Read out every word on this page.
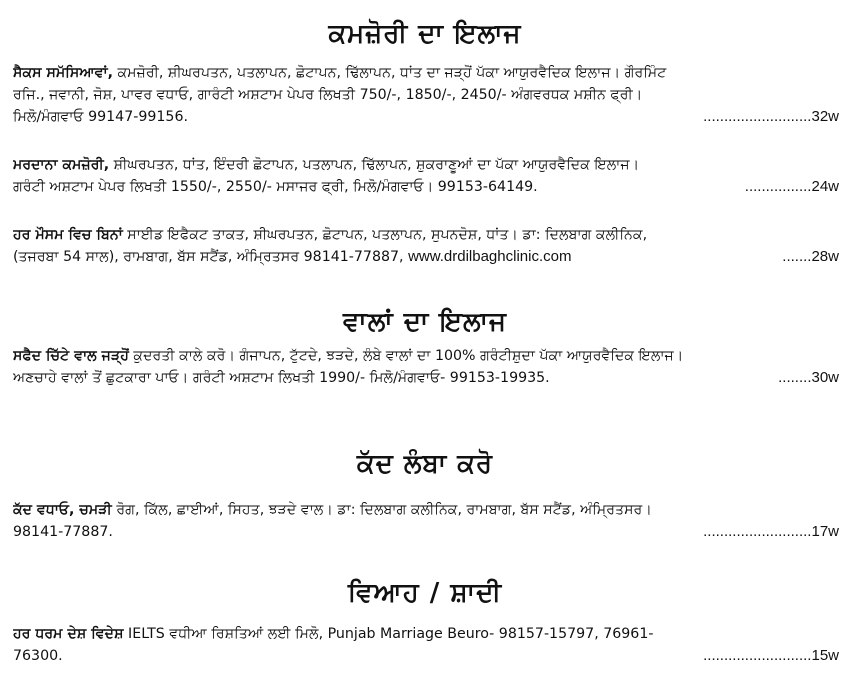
ਕਮਜ਼ੋਰੀ ਦਾ ਇਲਾਜ
ਸੈਕਸ ਸਮੱਸਿਆਵਾਂ, ਕਮਜ਼ੋਰੀ, ਸ਼ੀਘਰਪਤਨ, ਪਤਲਾਪਨ, ਛੋਟਾਪਨ, ਢਿੱਲਾਪਨ, ਧਾਂਤ ਦਾ ਜੜ੍ਹੋਂ ਪੱਕਾ ਆਯੁਰਵੈਦਿਕ ਇਲਾਜ। ਗੌਰਮਿੰਟ
ਰਜਿ., ਜਵਾਨੀ, ਜੋਸ਼, ਪਾਵਰ ਵਧਾਓ, ਗਾਰੰਟੀ ਅਸ਼ਟਾਮ ਪੇਪਰ ਲਿਖਤੀ 750/-, 1850/-, 2450/- ਅੰਗਵਰਧਕ ਮਸ਼ੀਨ ਫ੍ਰੀ।
ਮਿਲੋ/ਮੰਗਵਾਓ 99147-99156.	..........................32w
ਮਰਦਾਨਾ ਕਮਜ਼ੋਰੀ, ਸ਼ੀਘਰਪਤਨ, ਧਾਂਤ, ਇੰਦਰੀ ਛੋਟਾਪਨ, ਪਤਲਾਪਨ, ਢਿੱਲਾਪਨ, ਸ਼ੁਕਰਾਣੂਆਂ ਦਾ ਪੱਕਾ ਆਯੁਰਵੈਦਿਕ ਇਲਾਜ।
ਗਰੰਟੀ ਅਸ਼ਟਾਮ ਪੇਪਰ ਲਿਖਤੀ 1550/-, 2550/- ਮਸਾਜਰ ਫ੍ਰੀ, ਮਿਲੋ/ਮੰਗਵਾਓ। 99153-64149.	................24w
ਹਰ ਮੌਸਮ ਵਿਚ ਬਿਨਾਂ ਸਾਈਡ ਇਫੈਕਟ ਤਾਕਤ, ਸ਼ੀਘਰਪਤਨ, ਛੋਟਾਪਨ, ਪਤਲਾਪਨ, ਸੁਪਨਦੋਸ਼, ਧਾਂਤ। ਡਾ: ਦਿਲਬਾਗ ਕਲੀਨਿਕ,
(ਤਜਰਬਾ 54 ਸਾਲ), ਰਾਮਬਾਗ, ਬੱਸ ਸਟੈਂਡ, ਅੰਮ੍ਰਿਤਸਰ 98141-77887, www.drdilbaghclinic.com	.......28w
ਵਾਲਾਂ ਦਾ ਇਲਾਜ
ਸਫੈਦ ਚਿੱਟੇ ਵਾਲ ਜੜ੍ਹੋਂ ਕੁਦਰਤੀ ਕਾਲੇ ਕਰੋ। ਗੰਜਾਪਨ, ਟੁੱਟਦੇ, ਝੜਦੇ, ਲੰਬੇ ਵਾਲਾਂ ਦਾ 100% ਗਰੰਟੀਸ਼ੁਦਾ ਪੱਕਾ ਆਯੁਰਵੈਦਿਕ ਇਲਾਜ।
ਅਣਚਾਹੇ ਵਾਲਾਂ ਤੋਂ ਛੁਟਕਾਰਾ ਪਾਓ। ਗਰੰਟੀ ਅਸ਼ਟਾਮ ਲਿਖਤੀ 1990/- ਮਿਲੋ/ਮੰਗਵਾਓ- 99153-19935.	........30w
ਕੱਦ ਲੰਬਾ ਕਰੋ
ਕੱਦ ਵਧਾਓ, ਚਮੜੀ ਰੋਗ, ਕਿੱਲ, ਛਾਈਆਂ, ਸਿਹਤ, ਝੜਦੇ ਵਾਲ। ਡਾ: ਦਿਲਬਾਗ ਕਲੀਨਿਕ, ਰਾਮਬਾਗ, ਬੱਸ ਸਟੈਂਡ, ਅੰਮ੍ਰਿਤਸਰ।
98141-77887.	..........................17w
ਵਿਆਹ / ਸ਼ਾਦੀ
ਹਰ ਧਰਮ ਦੇਸ਼ ਵਿਦੇਸ਼ IELTS ਵਧੀਆ ਰਿਸ਼ਤਿਆਂ ਲਈ ਮਿਲੋ, Punjab Marriage Beuro- 98157-15797, 76961-
76300.	..........................15w
